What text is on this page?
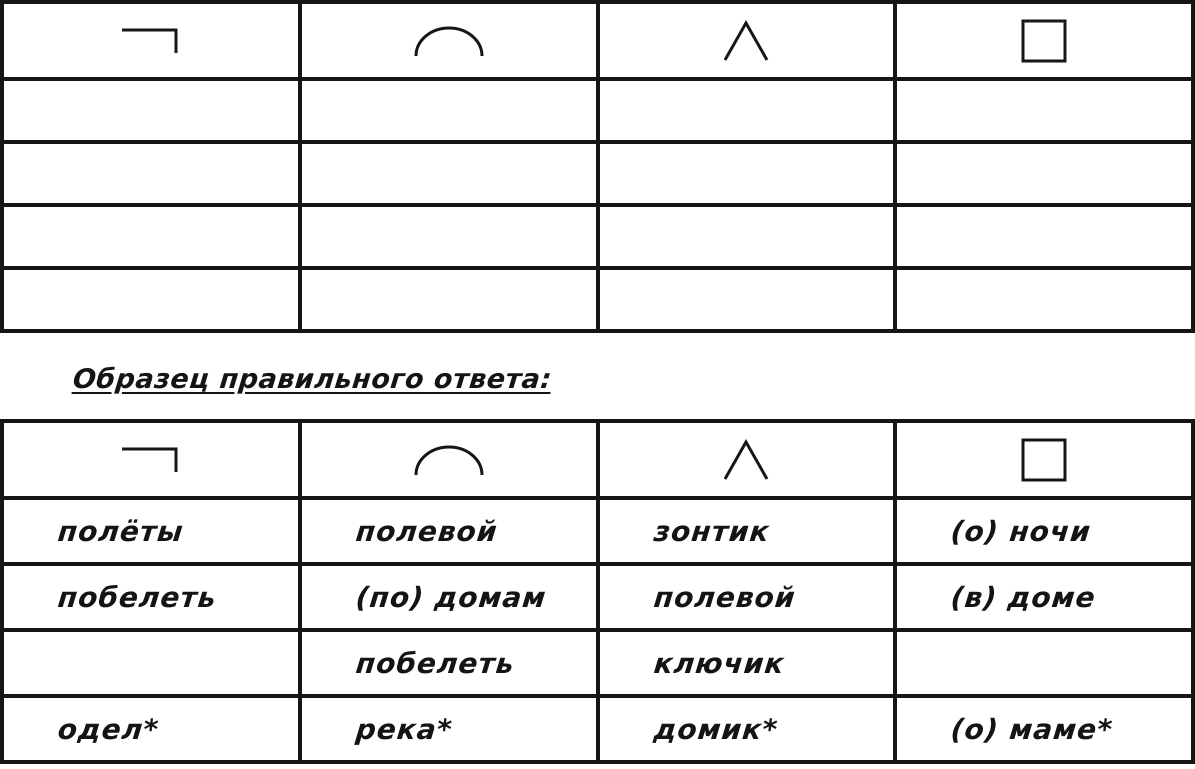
Образец правильного ответа:

полёты	полевой	зонтик	(о) ночи

побелеть	(по) домам	полевой	(в) доме

	побелеть	ключик	

одел*	река*	домик*	(о) маме*
